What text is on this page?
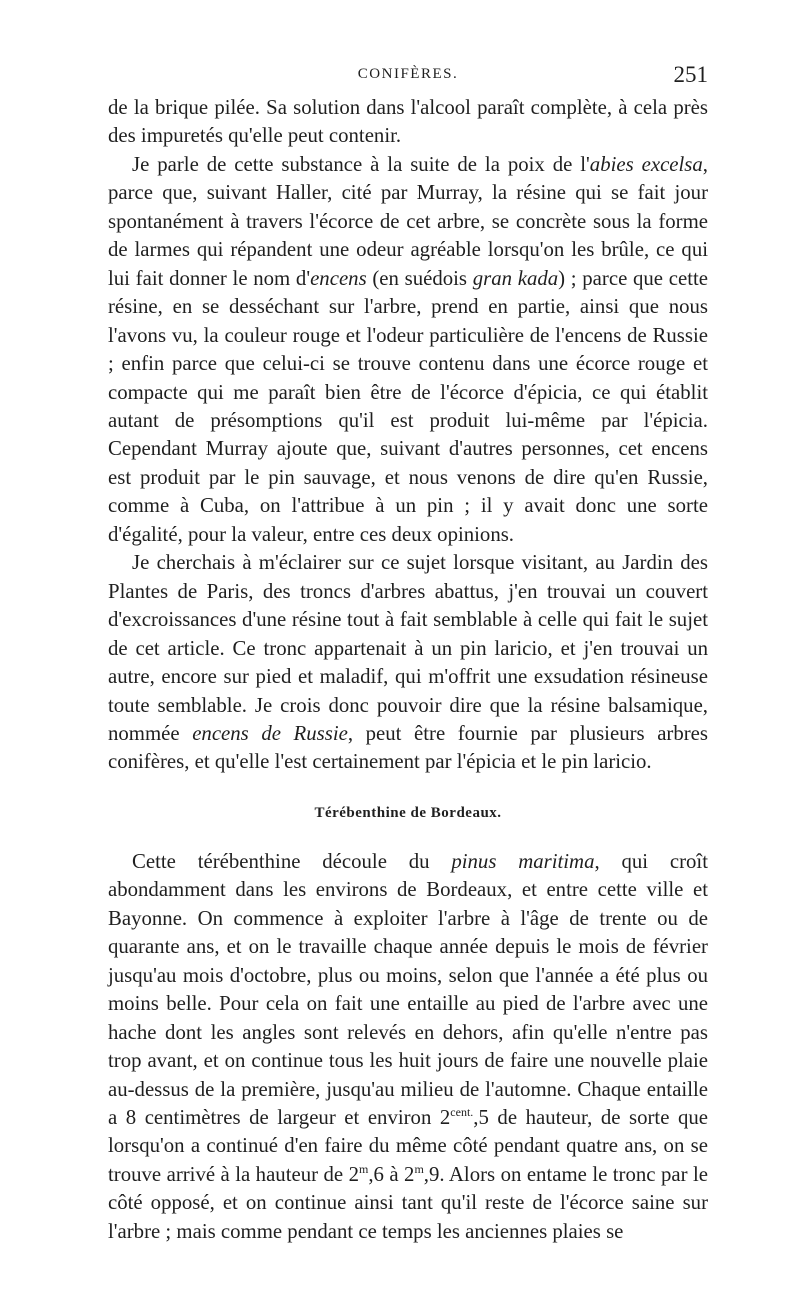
CONIFÈRES.	251

de la brique pilée. Sa solution dans l'alcool paraît complète, à cela près des impuretés qu'elle peut contenir.

Je parle de cette substance à la suite de la poix de l'abies excelsa, parce que, suivant Haller, cité par Murray, la résine qui se fait jour spontanément à travers l'écorce de cet arbre, se concrète sous la forme de larmes qui répandent une odeur agréable lorsqu'on les brûle, ce qui lui fait donner le nom d'encens (en suédois gran kada) ; parce que cette résine, en se desséchant sur l'arbre, prend en partie, ainsi que nous l'avons vu, la couleur rouge et l'odeur particulière de l'encens de Russie ; enfin parce que celui-ci se trouve contenu dans une écorce rouge et compacte qui me paraît bien être de l'écorce d'épicia, ce qui établit autant de présomptions qu'il est produit lui-même par l'épicia. Cependant Murray ajoute que, suivant d'autres personnes, cet encens est produit par le pin sauvage, et nous venons de dire qu'en Russie, comme à Cuba, on l'attribue à un pin ; il y avait donc une sorte d'égalité, pour la valeur, entre ces deux opinions.

Je cherchais à m'éclairer sur ce sujet lorsque visitant, au Jardin des Plantes de Paris, des troncs d'arbres abattus, j'en trouvai un couvert d'excroissances d'une résine tout à fait semblable à celle qui fait le sujet de cet article. Ce tronc appartenait à un pin laricio, et j'en trouvai un autre, encore sur pied et maladif, qui m'offrit une exsudation résineuse toute semblable. Je crois donc pouvoir dire que la résine balsamique, nommée encens de Russie, peut être fournie par plusieurs arbres conifères, et qu'elle l'est certainement par l'épicia et le pin laricio.

Térébenthine de Bordeaux.

Cette térébenthine découle du pinus maritima, qui croît abondamment dans les environs de Bordeaux, et entre cette ville et Bayonne. On commence à exploiter l'arbre à l'âge de trente ou de quarante ans, et on le travaille chaque année depuis le mois de février jusqu'au mois d'octobre, plus ou moins, selon que l'année a été plus ou moins belle. Pour cela on fait une entaille au pied de l'arbre avec une hache dont les angles sont relevés en dehors, afin qu'elle n'entre pas trop avant, et on continue tous les huit jours de faire une nouvelle plaie au-dessus de la première, jusqu'au milieu de l'automne. Chaque entaille a 8 centimètres de largeur et environ $2^{cent.},5$ de hauteur, de sorte que lorsqu'on a continué d'en faire du même côté pendant quatre ans, on se trouve arrivé à la hauteur de 2$^m$,6 à 2$^m$,9. Alors on entame le tronc par le côté opposé, et on continue ainsi tant qu'il reste de l'écorce saine sur l'arbre ; mais comme pendant ce temps les anciennes plaies se
